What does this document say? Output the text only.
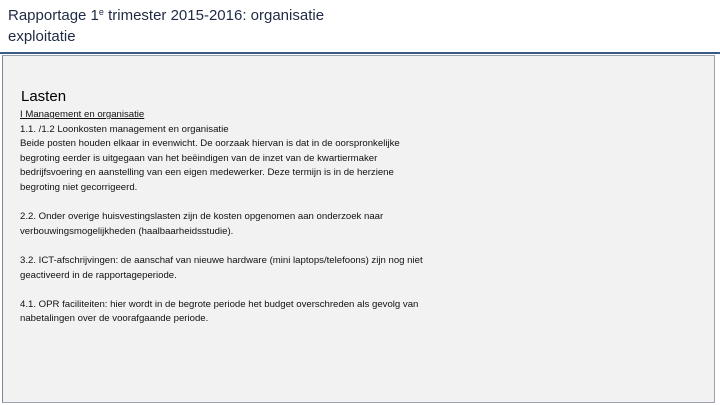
Rapportage 1e trimester 2015-2016: organisatie
exploitatie
Lasten
I Management en organisatie
1.1. /1.2 Loonkosten management en organisatie
Beide posten houden elkaar in evenwicht. De oorzaak hiervan is dat in de oorspronkelijke
begroting eerder is uitgegaan van het beëindigen van de inzet van de kwartiermaker
bedrijfsvoering en aanstelling van een eigen medewerker. Deze termijn is in de herziene
begroting niet gecorrigeerd.
2.2. Onder overige huisvestingslasten zijn de kosten opgenomen aan onderzoek naar
verbouwingsmogelijkheden (haalbaarheidsstudie).
3.2. ICT-afschrijvingen: de aanschaf van nieuwe hardware (mini laptops/telefoons) zijn nog niet
geactiveerd in de rapportageperiode.
4.1. OPR faciliteiten: hier wordt in de begrote periode het budget overschreden als gevolg van
nabetalingen over de voorafgaande periode.
